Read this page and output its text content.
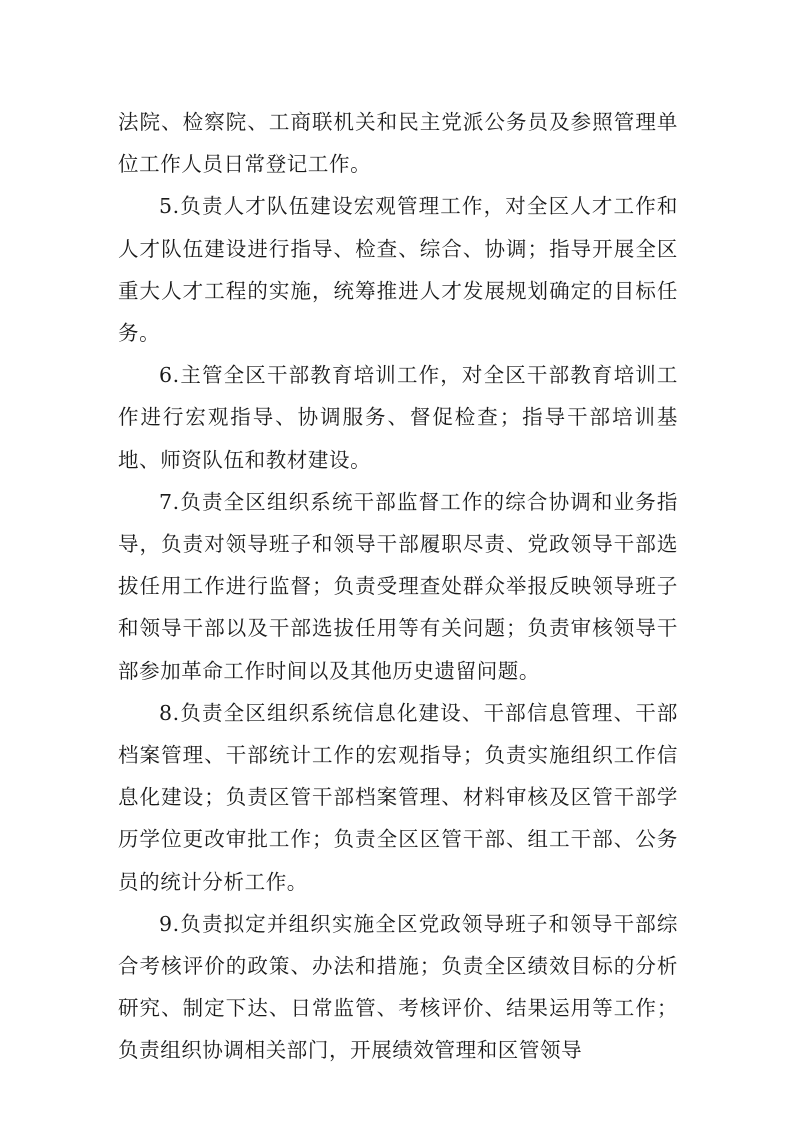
法院、检察院、工商联机关和民主党派公务员及参照管理单位工作人员日常登记工作。

5.负责人才队伍建设宏观管理工作，对全区人才工作和人才队伍建设进行指导、检查、综合、协调；指导开展全区重大人才工程的实施，统筹推进人才发展规划确定的目标任务。

6.主管全区干部教育培训工作，对全区干部教育培训工作进行宏观指导、协调服务、督促检查；指导干部培训基地、师资队伍和教材建设。

7.负责全区组织系统干部监督工作的综合协调和业务指导，负责对领导班子和领导干部履职尽责、党政领导干部选拔任用工作进行监督；负责受理查处群众举报反映领导班子和领导干部以及干部选拔任用等有关问题；负责审核领导干部参加革命工作时间以及其他历史遗留问题。

8.负责全区组织系统信息化建设、干部信息管理、干部档案管理、干部统计工作的宏观指导；负责实施组织工作信息化建设；负责区管干部档案管理、材料审核及区管干部学历学位更改审批工作；负责全区区管干部、组工干部、公务员的统计分析工作。

9.负责拟定并组织实施全区党政领导班子和领导干部综合考核评价的政策、办法和措施；负责全区绩效目标的分析研究、制定下达、日常监管、考核评价、结果运用等工作；负责组织协调相关部门，开展绩效管理和区管领导
